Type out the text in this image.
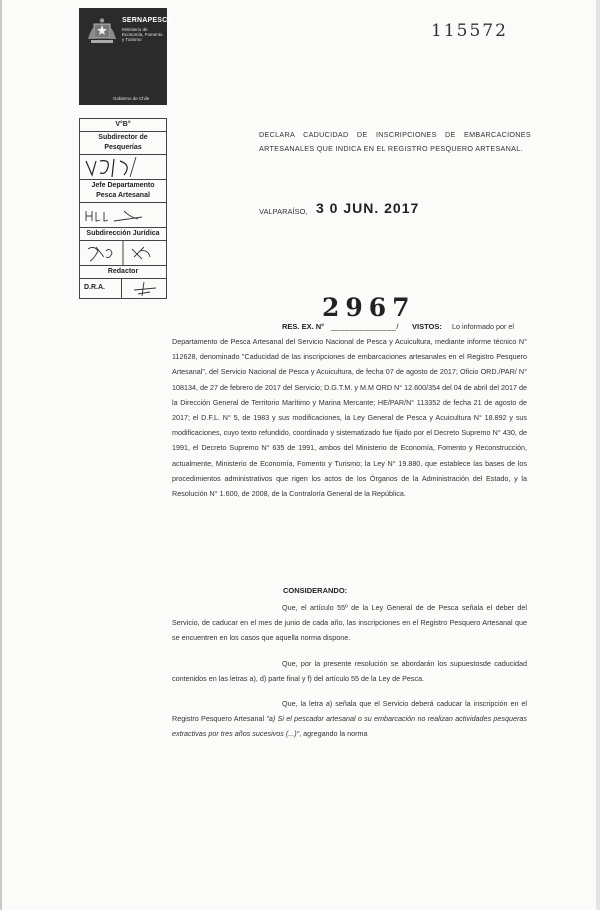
SERNAPESCA
Ministerio de Economía, Fomento y Turismo
Gobierno de Chile
115572
V°B°
Subdirector de Pesquerías

Jefe Departamento Pesca Artesanal

Subdirección Jurídica

Redactor

D.R.A.
DECLARA CADUCIDAD DE INSCRIPCIONES DE EMBARCACIONES ARTESANALES QUE INDICA EN EL REGISTRO PESQUERO ARTESANAL.
VALPARAÍSO, 3 0 JUN. 2017
2967
RES. EX. N° ______________/ VISTOS: Lo informado por el
Departamento de Pesca Artesanal del Servicio Nacional de Pesca y Acuicultura, mediante informe técnico N° 112628, denominado "Caducidad de las inscripciones de embarcaciones artesanales en el Registro Pesquero Artesanal", del Servicio Nacional de Pesca y Acuicultura, de fecha 07 de agosto de 2017; Oficio ORD./PAR/ N° 108134, de 27 de febrero de 2017 del Servicio; D.G.T.M. y M.M ORD N° 12.600/354 del 04 de abril del 2017 de la Dirección General de Territorio Marítimo y Marina Mercante; HE/PAR/N° 113352 de fecha 21 de agosto de 2017; el D.F.L. N° 5, de 1983 y sus modificaciones, la Ley General de Pesca y Acuicultura N° 18.892 y sus modificaciones, cuyo texto refundido, coordinado y sistematizado fue fijado por el Decreto Supremo N° 430, de 1991, el Decreto Supremo N° 635 de 1991, ambos del Ministerio de Economía, Fomento y Reconstrucción, actualmente, Ministerio de Economía, Fomento y Turismo; la Ley N° 19.880, que establece las bases de los procedimientos administrativos que rigen los actos de los Órganos de la Administración del Estado, y la Resolución N° 1.600, de 2008, de la Contraloría General de la República.
CONSIDERANDO:
Que, el artículo 55º de la Ley General de de Pesca señala el deber del Servicio, de caducar en el mes de junio de cada año, las inscripciones en el Registro Pesquero Artesanal que se encuentren en los casos que aquella norma dispone.
Que, por la presente resolución se abordarán los supuestosde caducidad contenidos en las letras a), d) parte final y f) del artículo 55 de la Ley de Pesca.
Que, la letra a) señala que el Servicio deberá caducar la inscripción en el Registro Pesquero Artesanal "a) Si el pescador artesanal o su embarcación no realizan actividades pesqueras extractivas por tres años sucesivos (...)", agregando la norma
